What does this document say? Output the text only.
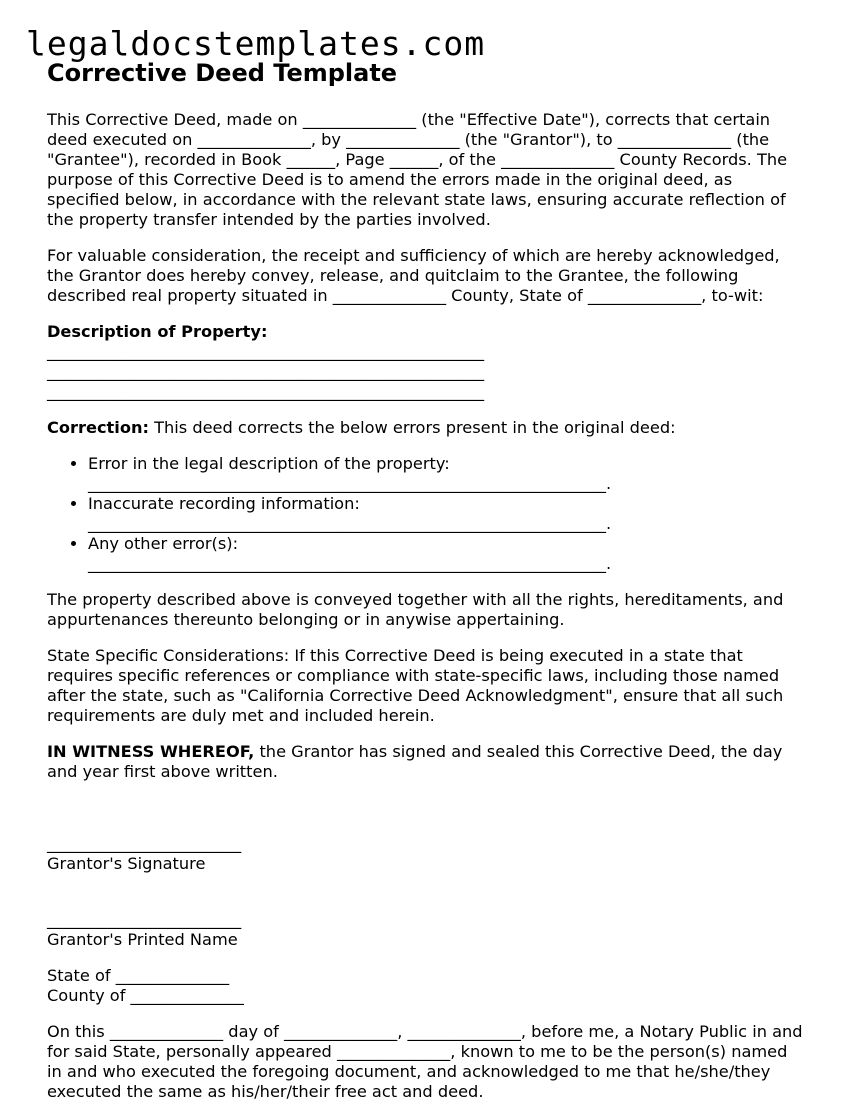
legaldocstemplates.com
Corrective Deed Template

This Corrective Deed, made on ______________ (the "Effective Date"), corrects that certain deed executed on ______________, by ______________ (the "Grantor"), to ______________ (the "Grantee"), recorded in Book ______, Page ______, of the ______________ County Records. The purpose of this Corrective Deed is to amend the errors made in the original deed, as specified below, in accordance with the relevant state laws, ensuring accurate reflection of the property transfer intended by the parties involved.

For valuable consideration, the receipt and sufficiency of which are hereby acknowledged, the Grantor does hereby convey, release, and quitclaim to the Grantee, the following described real property situated in ______________ County, State of ______________, to-wit:

Description of Property:
______________________________________________________
______________________________________________________
______________________________________________________

Correction: This deed corrects the below errors present in the original deed:

• Error in the legal description of the property:
________________________________________________________________.
• Inaccurate recording information:
________________________________________________________________.
• Any other error(s):
________________________________________________________________.

The property described above is conveyed together with all the rights, hereditaments, and appurtenances thereunto belonging or in anywise appertaining.

State Specific Considerations: If this Corrective Deed is being executed in a state that requires specific references or compliance with state-specific laws, including those named after the state, such as "California Corrective Deed Acknowledgment", ensure that all such requirements are duly met and included herein.

IN WITNESS WHEREOF, the Grantor has signed and sealed this Corrective Deed, the day and year first above written.

________________________
Grantor's Signature
________________________
Grantor's Printed Name
State of ______________
County of ______________

On this ______________ day of ______________, ______________, before me, a Notary Public in and for said State, personally appeared ______________, known to me to be the person(s) named in and who executed the foregoing document, and acknowledged to me that he/she/they executed the same as his/her/their free act and deed.
